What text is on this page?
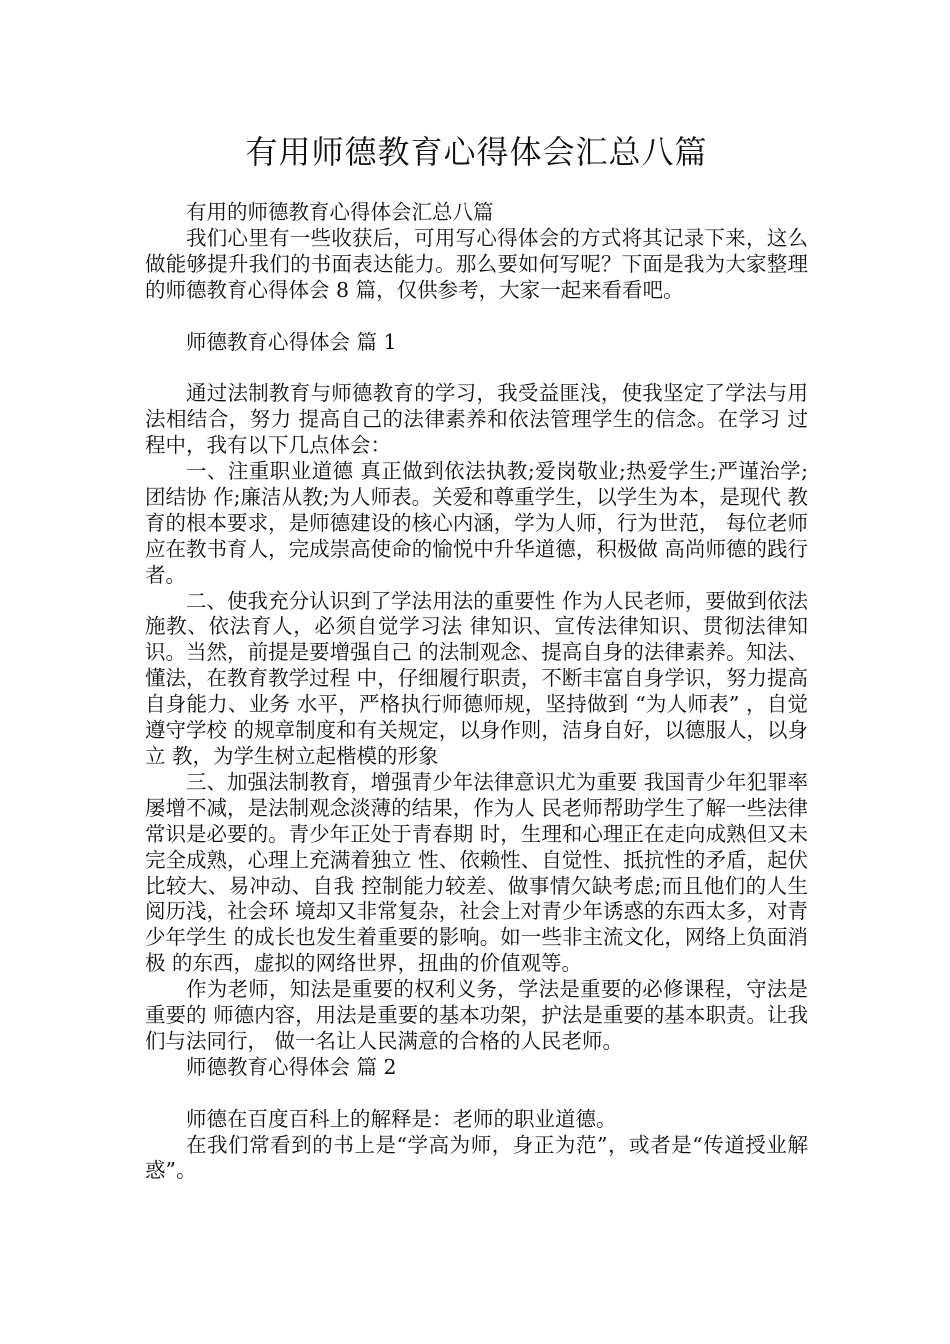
有用师德教育心得体会汇总八篇

有用的师德教育心得体会汇总八篇

我们心里有一些收获后，可用写心得体会的方式将其记录下来，这么做能够提升我们的书面表达能力。那么要如何写呢？下面是我为大家整理的师德教育心得体会 8 篇，仅供参考，大家一起来看看吧。

师德教育心得体会 篇 1

通过法制教育与师德教育的学习，我受益匪浅，使我坚定了学法与用法相结合，努力 提高自己的法律素养和依法管理学生的信念。在学习 过程中，我有以下几点体会：

一、注重职业道德 真正做到依法执教;爱岗敬业;热爱学生;严谨治学;团结协 作;廉洁从教;为人师表。关爱和尊重学生，以学生为本，是现代 教育的根本要求，是师德建设的核心内涵，学为人师，行为世范， 每位老师应在教书育人，完成崇高使命的愉悦中升华道德，积极做 高尚师德的践行者。

二、使我充分认识到了学法用法的重要性 作为人民老师，要做到依法施教、依法育人，必须自觉学习法 律知识、宣传法律知识、贯彻法律知识。当然，前提是要增强自己 的法制观念、提高自身的法律素养。知法、懂法，在教育教学过程 中，仔细履行职责，不断丰富自身学识，努力提高自身能力、业务 水平，严格执行师德师规，坚持做到 “为人师表” ，自觉遵守学校 的规章制度和有关规定，以身作则，洁身自好，以德服人，以身立 教，为学生树立起楷模的形象

三、加强法制教育，增强青少年法律意识尤为重要 我国青少年犯罪率屡增不减，是法制观念淡薄的结果，作为人 民老师帮助学生了解一些法律常识是必要的。青少年正处于青春期 时，生理和心理正在走向成熟但又未完全成熟，心理上充满着独立 性、依赖性、自觉性、抵抗性的矛盾，起伏比较大、易冲动、自我 控制能力较差、做事情欠缺考虑;而且他们的人生阅历浅，社会环 境却又非常复杂，社会上对青少年诱惑的东西太多，对青少年学生 的成长也发生着重要的影响。如一些非主流文化，网络上负面消极 的东西，虚拟的网络世界，扭曲的价值观等。

作为老师，知法是重要的权利义务，学法是重要的必修课程，守法是重要的 师德内容，用法是重要的基本功架，护法是重要的基本职责。让我们与法同行， 做一名让人民满意的合格的人民老师。

师德教育心得体会 篇 2

师德在百度百科上的解释是：老师的职业道德。

在我们常看到的书上是“学高为师，身正为范”，或者是“传道授业解惑”。
